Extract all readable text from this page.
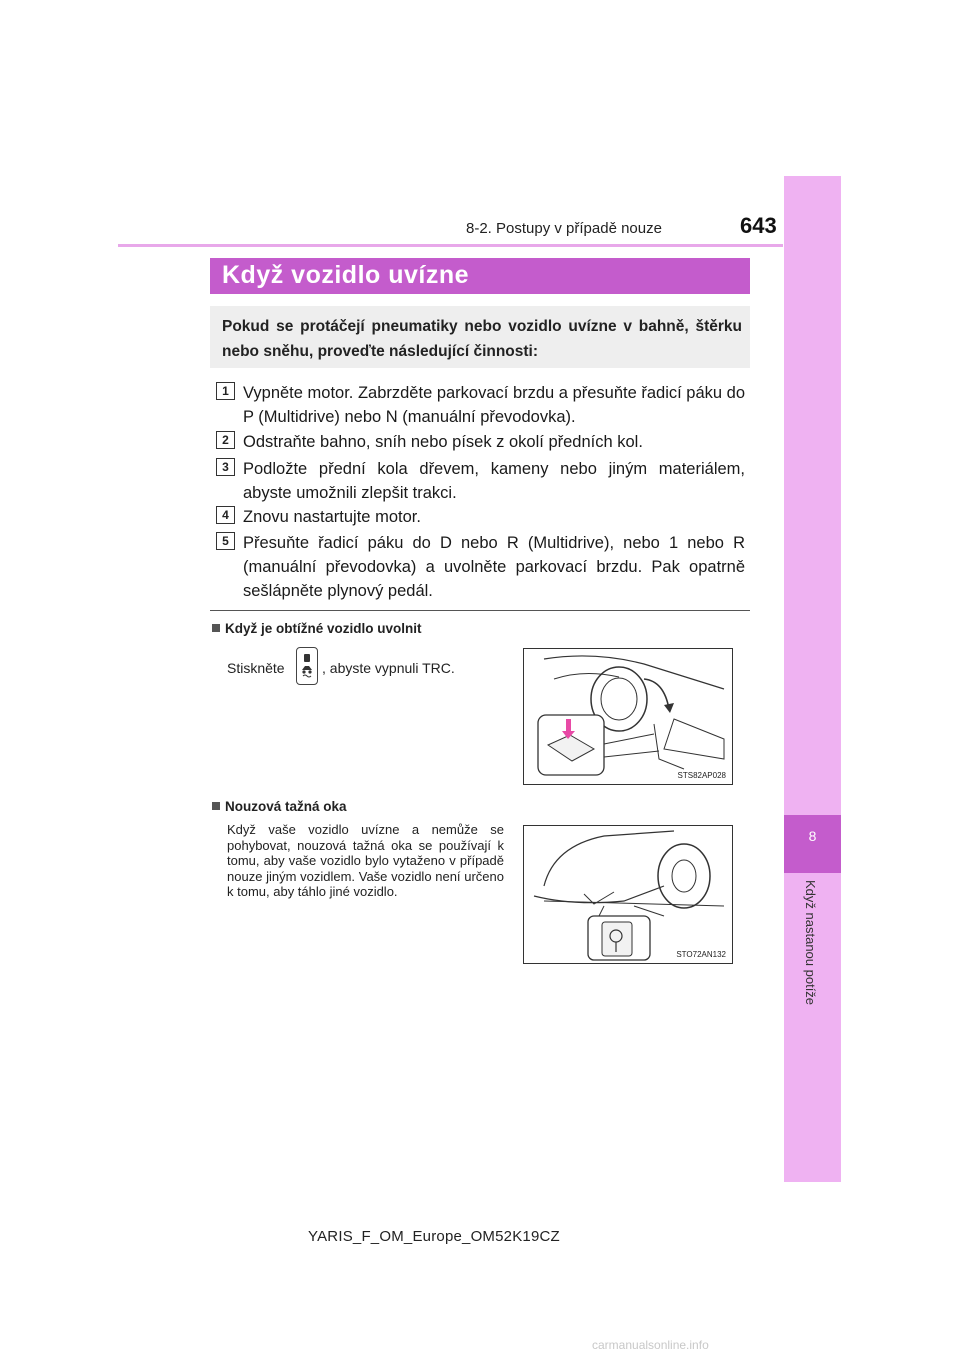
8-2. Postupy v případě nouze	643
8
Když nastanou potíže
Když vozidlo uvízne
Pokud se protáčejí pneumatiky nebo vozidlo uvízne v bahně, štěrku nebo sněhu, proveďte následující činnosti:
1 Vypněte motor. Zabrzděte parkovací brzdu a přesuňte řadicí páku do P (Multidrive) nebo N (manuální převodovka).
2 Odstraňte bahno, sníh nebo písek z okolí předních kol.
3 Podložte přední kola dřevem, kameny nebo jiným materiálem, abyste umožnili zlepšit trakci.
4 Znovu nastartujte motor.
5 Přesuňte řadicí páku do D nebo R (Multidrive), nebo 1 nebo R (manuální převodovka) a uvolněte parkovací brzdu. Pak opatrně sešlápněte plynový pedál.
Když je obtížné vozidlo uvolnit
Stiskněte	, abyste vypnuli TRC.
STS82AP028
Nouzová tažná oka
Když vaše vozidlo uvízne a nemůže se pohybovat, nouzová tažná oka se používají k tomu, aby vaše vozidlo bylo vytaženo v případě nouze jiným vozidlem. Vaše vozidlo není určeno k tomu, aby táhlo jiné vozidlo.
STO72AN132
YARIS_F_OM_Europe_OM52K19CZ
carmanualsonline.info
